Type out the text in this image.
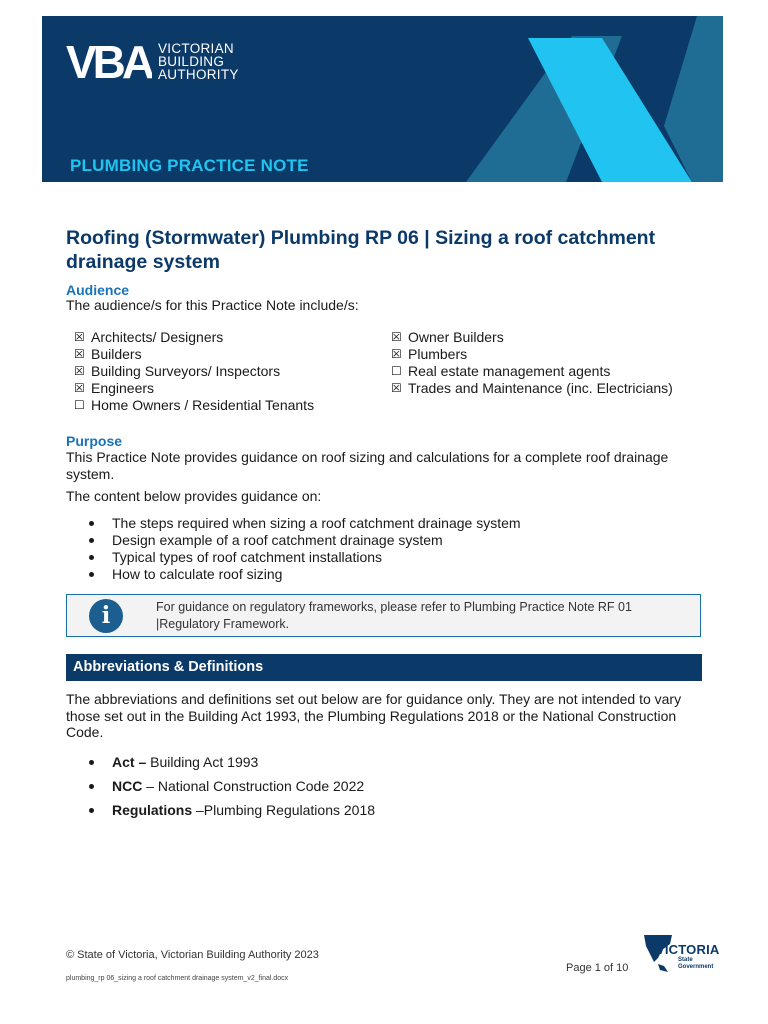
VBA VICTORIAN
BUILDING
AUTHORITY
PLUMBING PRACTICE NOTE
Roofing (Stormwater) Plumbing RP 06 | Sizing a roof catchment drainage system
Audience
The audience/s for this Practice Note include/s:
☒ Architects/ Designers
☒ Builders
☒ Building Surveyors/ Inspectors
☒ Engineers
☐ Home Owners / Residential Tenants
☒ Owner Builders
☒ Plumbers
☐ Real estate management agents
☒ Trades and Maintenance (inc. Electricians)
Purpose
This Practice Note provides guidance on roof sizing and calculations for a complete roof drainage system.
The content below provides guidance on:
The steps required when sizing a roof catchment drainage system
Design example of a roof catchment drainage system
Typical types of roof catchment installations
How to calculate roof sizing
i	For guidance on regulatory frameworks, please refer to Plumbing Practice Note RF 01 |Regulatory Framework.
Abbreviations & Definitions
The abbreviations and definitions set out below are for guidance only. They are not intended to vary those set out in the Building Act 1993, the Plumbing Regulations 2018 or the National Construction Code.
Act – Building Act 1993
NCC – National Construction Code 2022
Regulations –Plumbing Regulations 2018
© State of Victoria, Victorian Building Authority 2023
plumbing_rp 06_sizing a roof catchment drainage system_v2_final.docx
Page 1 of 10
VICTORIA
State
Government
